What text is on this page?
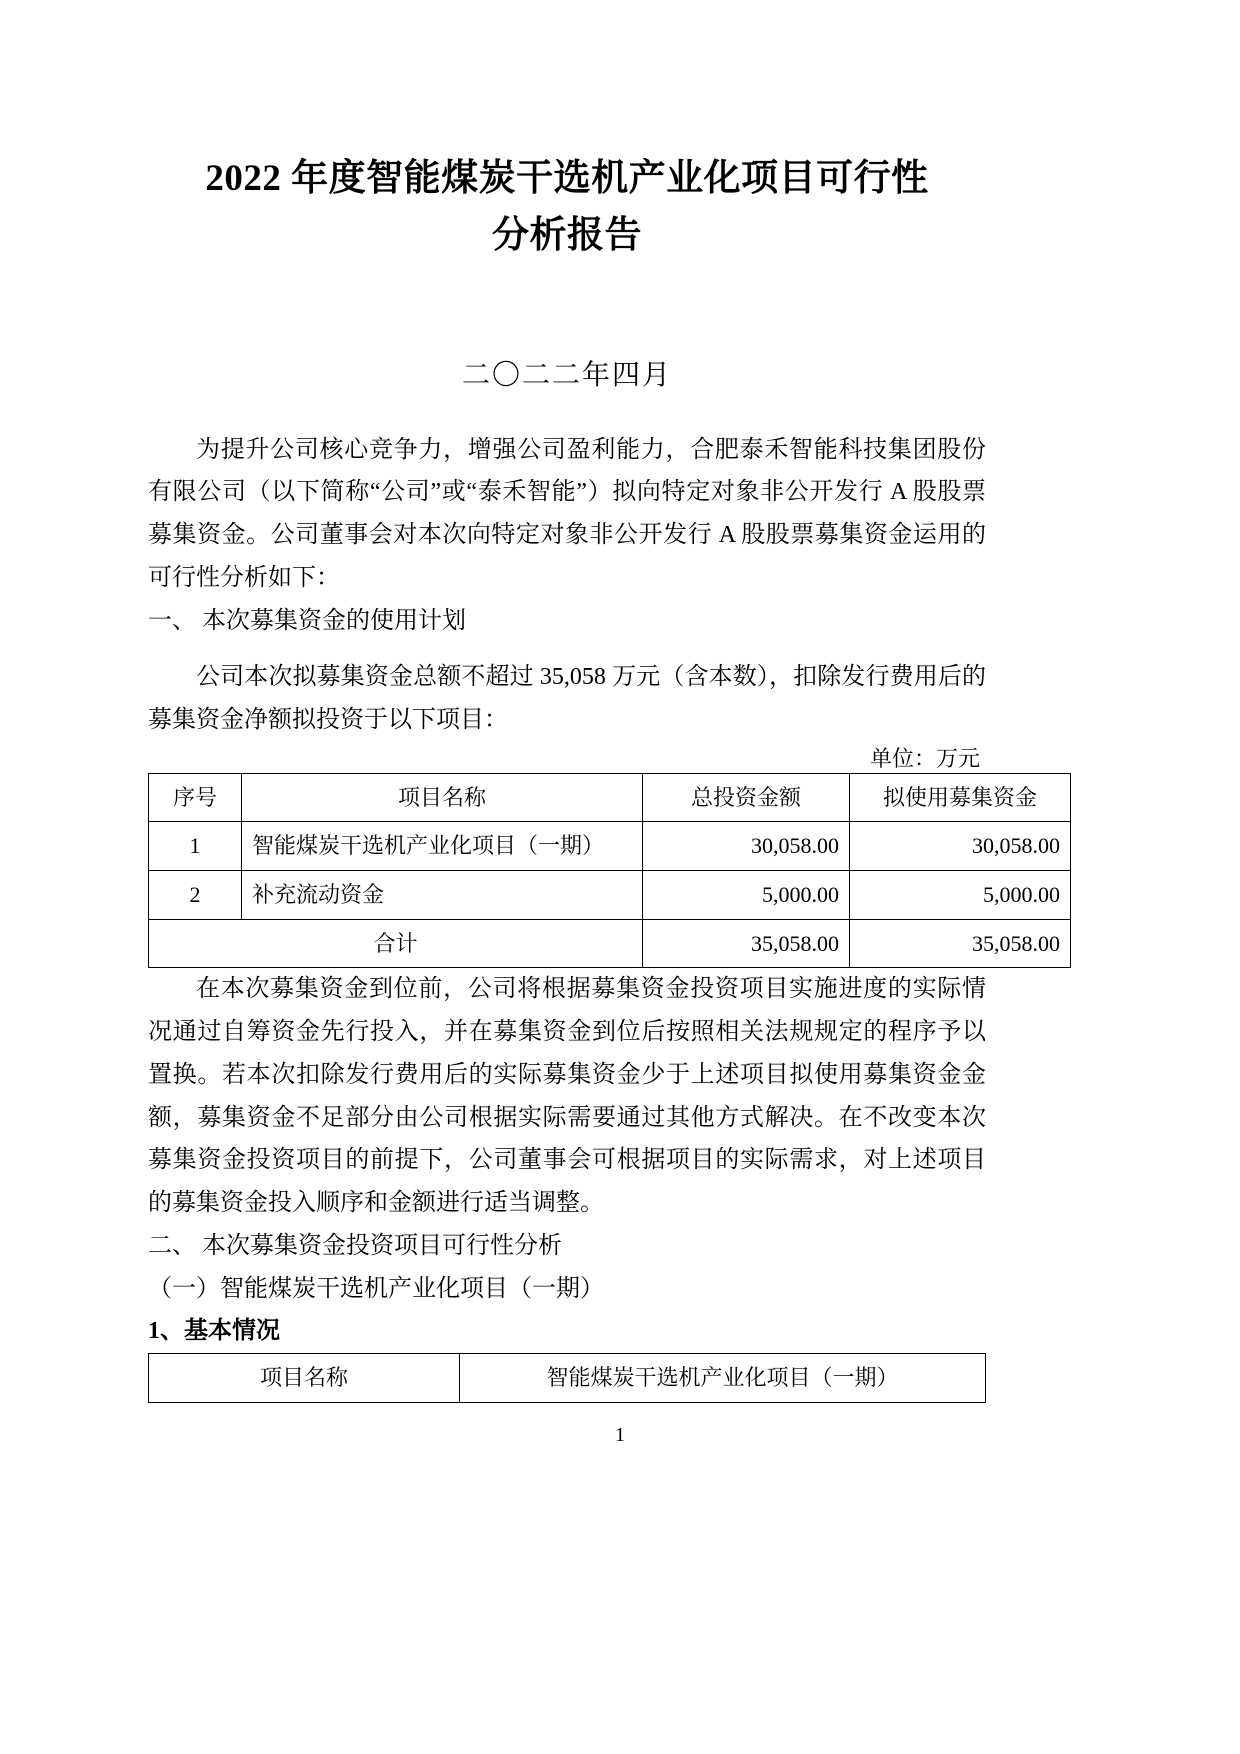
2022 年度智能煤炭干选机产业化项目可行性
分析报告
二〇二二年四月

为提升公司核心竞争力，增强公司盈利能力，合肥泰禾智能科技集团股份有限公司（以下简称“公司”或“泰禾智能”）拟向特定对象非公开发行 A 股股票募集资金。公司董事会对本次向特定对象非公开发行 A 股股票募集资金运用的可行性分析如下：

一、 本次募集资金的使用计划

公司本次拟募集资金总额不超过 35,058 万元（含本数），扣除发行费用后的募集资金净额拟投资于以下项目：

单位：万元

序号	项目名称	总投资金额	拟使用募集资金
1	智能煤炭干选机产业化项目（一期）	30,058.00	30,058.00
2	补充流动资金	5,000.00	5,000.00
合计		35,058.00	35,058.00

在本次募集资金到位前，公司将根据募集资金投资项目实施进度的实际情况通过自筹资金先行投入，并在募集资金到位后按照相关法规规定的程序予以置换。若本次扣除发行费用后的实际募集资金少于上述项目拟使用募集资金金额，募集资金不足部分由公司根据实际需要通过其他方式解决。在不改变本次募集资金投资项目的前提下，公司董事会可根据项目的实际需求，对上述项目的募集资金投入顺序和金额进行适当调整。

二、 本次募集资金投资项目可行性分析

（一）智能煤炭干选机产业化项目（一期）

1、基本情况

项目名称	智能煤炭干选机产业化项目（一期）
1
